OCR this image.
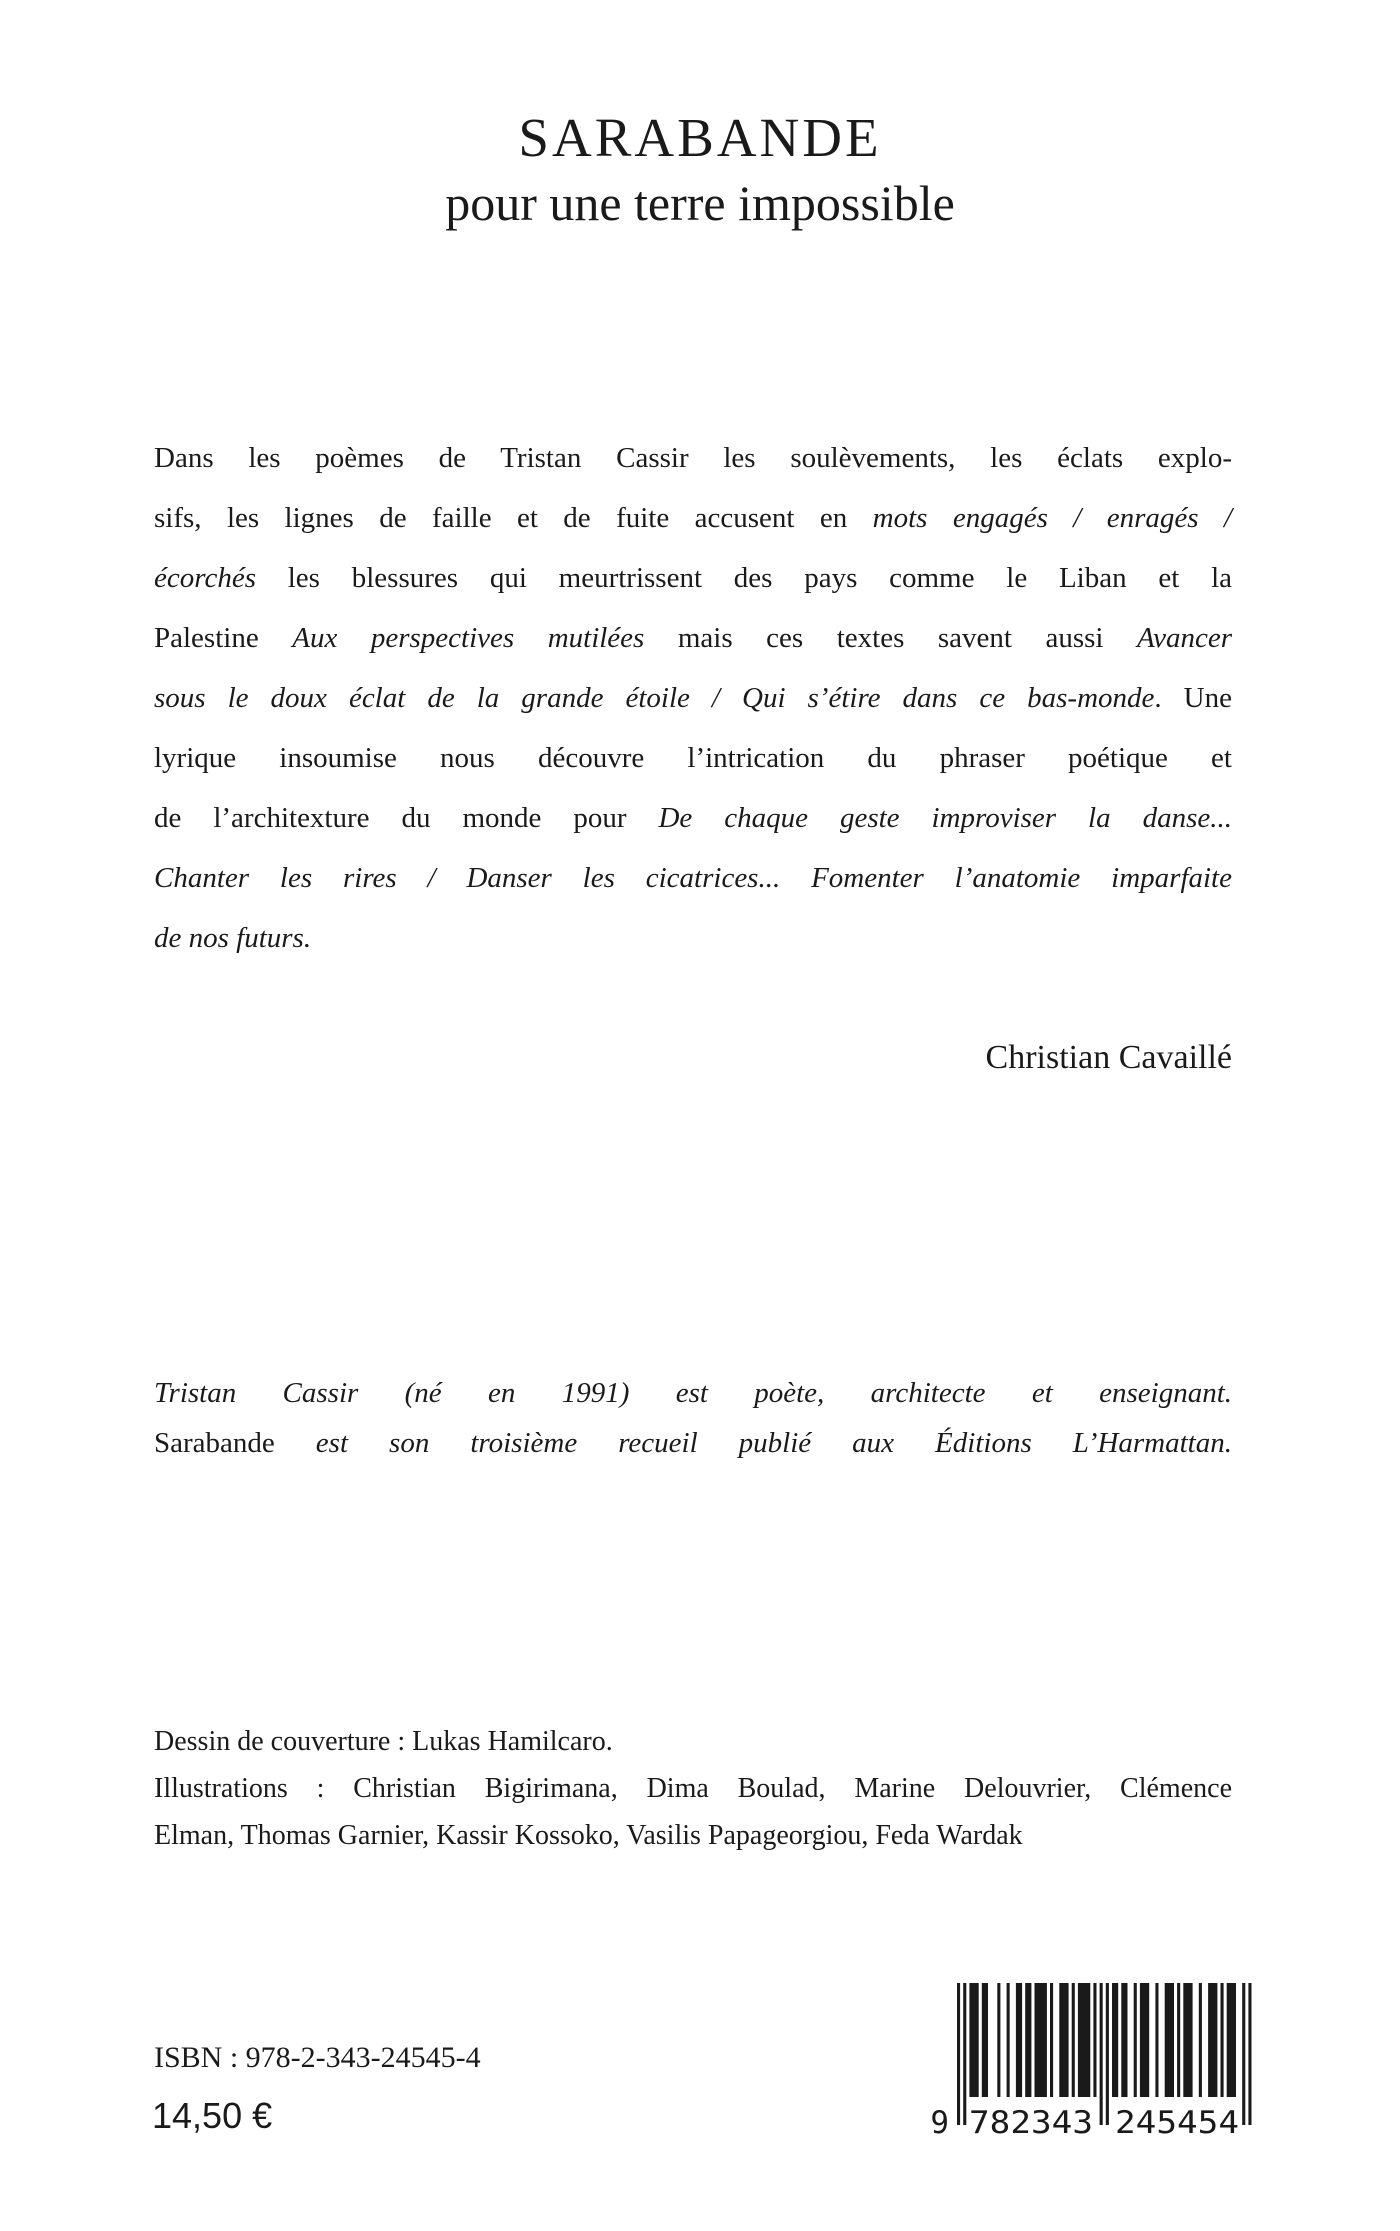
SARABANDE
pour une terre impossible
Dans les poèmes de Tristan Cassir les soulèvements, les éclats explo-
sifs, les lignes de faille et de fuite accusent en mots engagés / enragés /
écorchés les blessures qui meurtrissent des pays comme le Liban et la
Palestine Aux perspectives mutilées mais ces textes savent aussi Avancer
sous le doux éclat de la grande étoile / Qui s’étire dans ce bas-monde. Une
lyrique insoumise nous découvre l’intrication du phraser poétique et
de l’architexture du monde pour De chaque geste improviser la danse...
Chanter les rires / Danser les cicatrices... Fomenter l’anatomie imparfaite
de nos futurs.
Christian Cavaillé
Tristan Cassir (né en 1991) est poète, architecte et enseignant.
Sarabande est son troisième recueil publié aux Éditions L’Harmattan.
Dessin de couverture : Lukas Hamilcaro.
Illustrations : Christian Bigirimana, Dima Boulad, Marine Delouvrier, Clémence
Elman, Thomas Garnier, Kassir Kossoko, Vasilis Papageorgiou, Feda Wardak
ISBN : 978-2-343-24545-4
14,50 €	9 782343 245454
